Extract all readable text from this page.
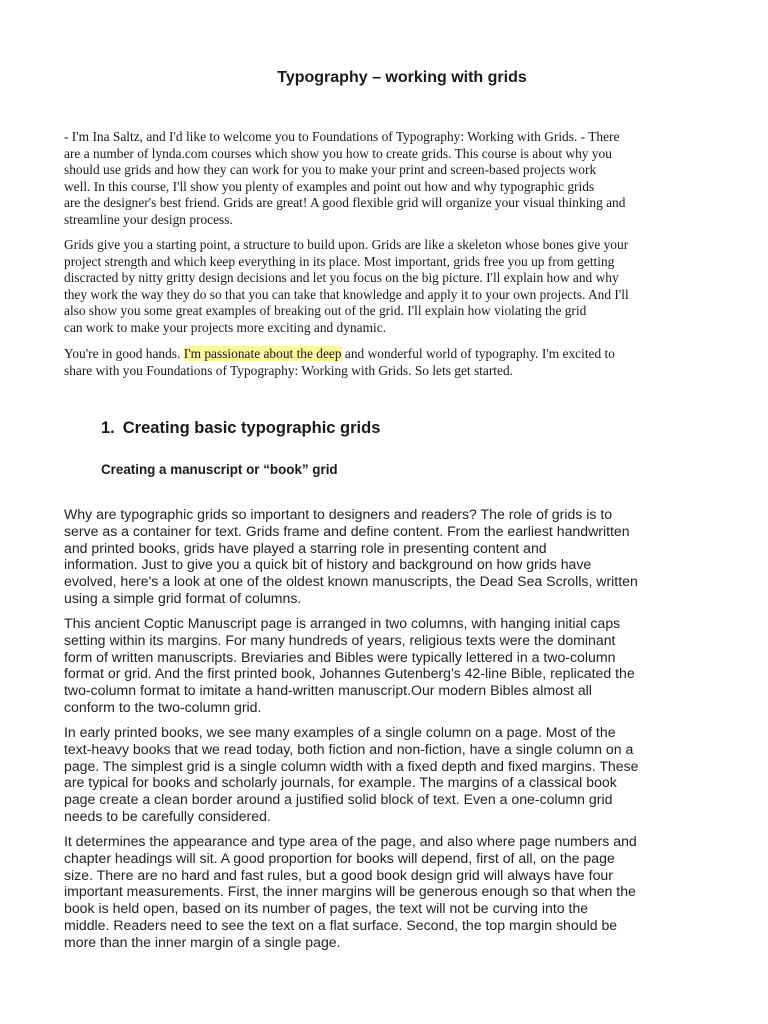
Typography – working with grids

- I'm Ina Saltz, and I'd like to welcome you to Foundations of Typography: Working with Grids. - There

are a number of lynda.com courses which show you how to create grids. This course is about why you

should use grids and how they can work for you to make your print and screen-based projects work

well. In this course, I'll show you plenty of examples and point out how and why typographic grids

are the designer's best friend. Grids are great! A good flexible grid will organize your visual thinking and

streamline your design process.

Grids give you a starting point, a structure to build upon. Grids are like a skeleton whose bones give your

project strength and which keep everything in its place. Most important, grids free you up from getting

discracted by nitty gritty design decisions and let you focus on the big picture. I'll explain how and why

they work the way they do so that you can take that knowledge and apply it to your own projects. And I'll

also show you some great examples of breaking out of the grid. I'll explain how violating the grid

can work to make your projects more exciting and dynamic.

You're in good hands. I'm passionate about the deep and wonderful world of typography. I'm excited to

share with you Foundations of Typography: Working with Grids. So lets get started.

1. Creating basic typographic grids
Creating a manuscript or “book” grid

Why are typographic grids so important to designers and readers? The role of grids is to

serve as a container for text. Grids frame and define content. From the earliest handwritten

and printed books, grids have played a starring role in presenting content and

information. Just to give you a quick bit of history and background on how grids have

evolved, here's a look at one of the oldest known manuscripts, the Dead Sea Scrolls, written

using a simple grid format of columns.

This ancient Coptic Manuscript page is arranged in two columns, with hanging initial caps

setting within its margins. For many hundreds of years, religious texts were the dominant

form of written manuscripts. Breviaries and Bibles were typically lettered in a two-column

format or grid. And the first printed book, Johannes Gutenberg's 42-line Bible, replicated the

two-column format to imitate a hand-written manuscript.Our modern Bibles almost all

conform to the two-column grid.

In early printed books, we see many examples of a single column on a page. Most of the

text-heavy books that we read today, both fiction and non-fiction, have a single column on a

page. The simplest grid is a single column width with a fixed depth and fixed margins. These

are typical for books and scholarly journals, for example. The margins of a classical book

page create a clean border around a justified solid block of text. Even a one-column grid

needs to be carefully considered.

It determines the appearance and type area of the page, and also where page numbers and

chapter headings will sit. A good proportion for books will depend, first of all, on the page

size. There are no hard and fast rules, but a good book design grid will always have four

important measurements. First, the inner margins will be generous enough so that when the

book is held open, based on its number of pages, the text will not be curving into the

middle. Readers need to see the text on a flat surface. Second, the top margin should be

more than the inner margin of a single page.
